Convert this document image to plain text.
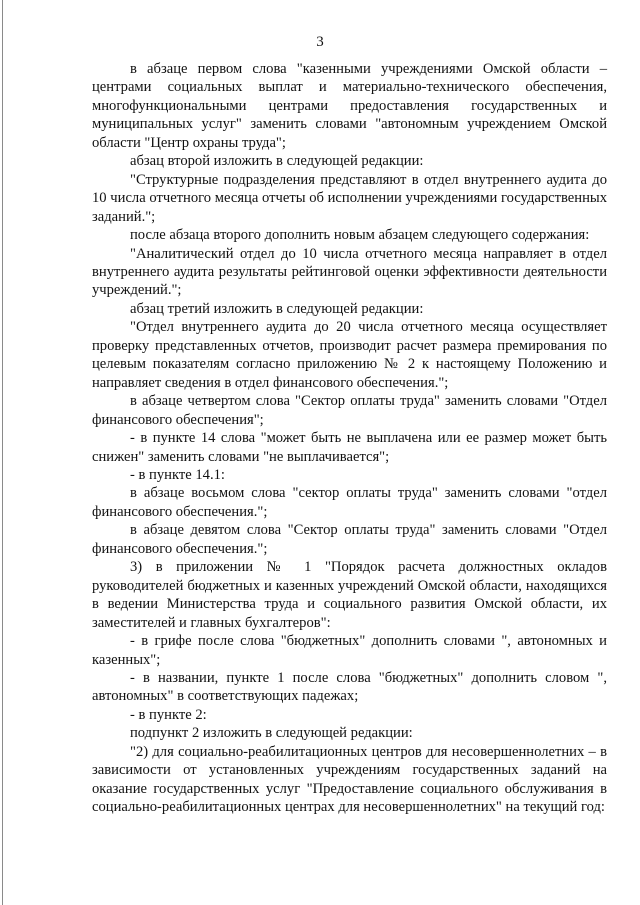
3

в абзаце первом слова "казенными учреждениями Омской области – центрами социальных выплат и материально-технического обеспечения, многофункциональными центрами предоставления государственных и муниципальных услуг" заменить словами "автономным учреждением Омской области "Центр охраны труда";

абзац второй изложить в следующей редакции:

"Структурные подразделения представляют в отдел внутреннего аудита до 10 числа отчетного месяца отчеты об исполнении учреждениями государственных заданий.";

после абзаца второго дополнить новым абзацем следующего содержания:

"Аналитический отдел до 10 числа отчетного месяца направляет в отдел внутреннего аудита результаты рейтинговой оценки эффективности деятельности учреждений.";

абзац третий изложить в следующей редакции:

"Отдел внутреннего аудита до 20 числа отчетного месяца осуществляет проверку представленных отчетов, производит расчет размера премирования по целевым показателям согласно приложению № 2 к настоящему Положению и направляет сведения в отдел финансового обеспечения.";

в абзаце четвертом слова "Сектор оплаты труда" заменить словами "Отдел финансового обеспечения";

- в пункте 14 слова "может быть не выплачена или ее размер может быть снижен" заменить словами "не выплачивается";

- в пункте 14.1:

в абзаце восьмом слова "сектор оплаты труда" заменить словами "отдел финансового обеспечения.";

в абзаце девятом слова "Сектор оплаты труда" заменить словами "Отдел финансового обеспечения.";

3) в приложении № 1 "Порядок расчета должностных окладов руководителей бюджетных и казенных учреждений Омской области, находящихся в ведении Министерства труда и социального развития Омской области, их заместителей и главных бухгалтеров":

- в грифе после слова "бюджетных" дополнить словами ", автономных и казенных";

- в названии, пункте 1 после слова "бюджетных" дополнить словом ", автономных" в соответствующих падежах;

- в пункте 2:

подпункт 2 изложить в следующей редакции:

"2) для социально-реабилитационных центров для несовершеннолетних – в зависимости от установленных учреждениям государственных заданий на оказание государственных услуг "Предоставление социального обслуживания в социально-реабилитационных центрах для несовершеннолетних" на текущий год:
